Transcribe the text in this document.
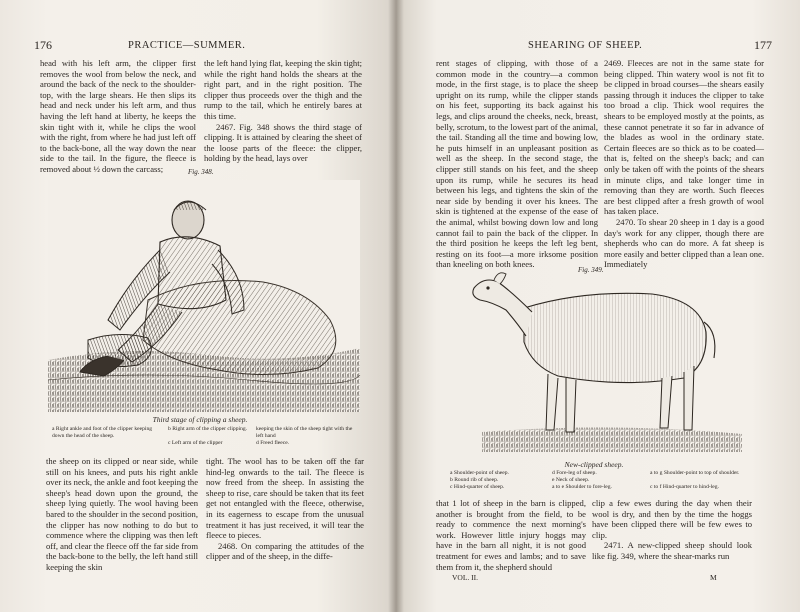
176	PRACTICE—SUMMER.

head with his left arm, the clipper first removes the wool from below the neck, and around the back of the neck to the shoulder-top, with the large shears. He then slips its head and neck under his left arm, and thus having the left hand at liberty, he keeps the skin tight with it, while he clips the wool with the right, from where he had just left off to the back-bone, all the way down the near side to the tail. In the figure, the fleece is removed about ½ down the carcass;

the left hand lying flat, keeping the skin tight; while the right hand holds the shears at the right part, and in the right position. The clipper thus proceeds over the thigh and the rump to the tail, which he entirely bares at this time.

2467. Fig. 348 shows the third stage of clipping. It is attained by clearing the sheet of the loose parts of the fleece: the clipper, holding by the head, lays over

Fig. 348.
Third stage of clipping a sheep.
a Right ankle and foot of the clipper keeping down the head of the sheep.
b Right arm of the clipper clipping.
c Left arm of the clipper
keeping the skin of the sheep tight with the left hand
d Freed fleece.

the sheep on its clipped or near side, while still on his knees, and puts his right ankle over its neck, the ankle and foot keeping the sheep's head down upon the ground, the sheep lying quietly. The wool having been bared to the shoulder in the second position, the clipper has now nothing to do but to commence where the clipping was then left off, and clear the fleece off the far side from the back-bone to the belly, the left hand still keeping the skin

tight. The wool has to be taken off the far hind-leg onwards to the tail. The fleece is now freed from the sheep. In assisting the sheep to rise, care should be taken that its feet get not entangled with the fleece, otherwise, in its eagerness to escape from the unusual treatment it has just received, it will tear the fleece to pieces.

2468. On comparing the attitudes of the clipper and of the sheep, in the diffe-

SHEARING OF SHEEP.	177

rent stages of clipping, with those of a common mode in the country—a common mode, in the first stage, is to place the sheep upright on its rump, while the clipper stands on his feet, supporting its back against his legs, and clips around the cheeks, neck, breast, belly, scrotum, to the lowest part of the animal, the tail. Standing all the time and bowing low, he puts himself in an unpleasant position as well as the sheep. In the second stage, the clipper still stands on his feet, and the sheep upon its rump, while he secures its head between his legs, and tightens the skin of the near side by bending it over his knees. The skin is tightened at the expense of the ease of the animal, whilst bowing down low and long cannot fail to pain the back of the clipper. In the third position he keeps the left leg bent, resting on its foot—a more irksome position than kneeling on both knees.

2469. Fleeces are not in the same state for being clipped. Thin watery wool is not fit to be clipped in broad courses—the shears easily passing through it induces the clipper to take too broad a clip. Thick wool requires the shears to be employed mostly at the points, as these cannot penetrate it so far in advance of the blades as wool in the ordinary state. Certain fleeces are so thick as to be coated—that is, felted on the sheep's back; and can only be taken off with the points of the shears in minute clips, and take longer time in removing than they are worth. Such fleeces are best clipped after a fresh growth of wool has taken place.

2470. To shear 20 sheep in 1 day is a good day's work for any clipper, though there are shepherds who can do more. A fat sheep is more easily and better clipped than a lean one. Immediately

Fig. 349.
New-clipped sheep.
a Shoulder-point of sheep.
b Round rib of sheep.
c Hind-quarter of sheep.
d Fore-leg of sheep.
e Neck of sheep.
a to e Shoulder to fore-leg.
a to g Shoulder-point to top of shoulder.
c to f Hind-quarter to hind-leg.

that 1 lot of sheep in the barn is clipped, another is brought from the field, to be ready to commence the next morning's work. However little injury hoggs may have in the barn all night, it is not good treatment for ewes and lambs; and to save them from it, the shepherd should

clip a few ewes during the day when their wool is dry, and then by the time the hoggs have been clipped there will be few ewes to clip.

2471. A new-clipped sheep should look like fig. 349, where the shear-marks run

VOL. II.	M
